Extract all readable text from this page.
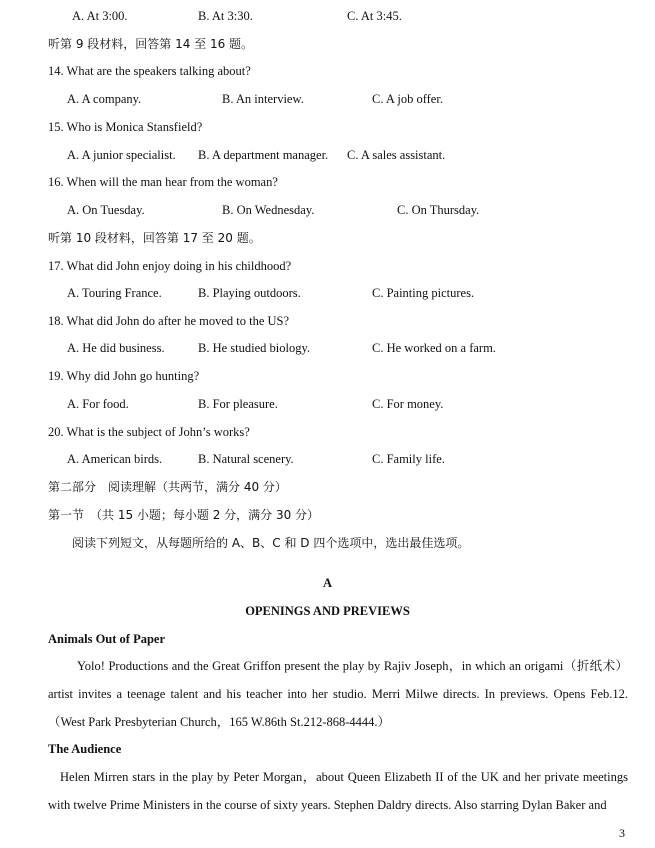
A. At 3:00.	B. At 3:30.	C. At 3:45.
听第 9 段材料，回答第 14 至 16 题。
14. What are the speakers talking about?
A. A company.	B. An interview.	C. A job offer.
15. Who is Monica Stansfield?
A. A junior specialist. B. A department manager. C. A sales assistant.
16. When will the man hear from the woman?
A. On Tuesday.	B. On Wednesday.	C. On Thursday.
听第 10 段材料，回答第 17 至 20 题。
17. What did John enjoy doing in his childhood?
A. Touring France.	B. Playing outdoors.	C. Painting pictures.
18. What did John do after he moved to the US?
A. He did business.	B. He studied biology.	C. He worked on a farm.
19. Why did John go hunting?
A. For food.	B. For pleasure.	C. For money.
20. What is the subject of John’s works?
A. American birds.	B. Natural scenery.	C. Family life.
第二部分　阅读理解（共两节，满分 40 分）
第一节　（共 15 小题；每小题 2 分，满分 30 分）
阅读下列短文，从每题所给的 A、B、C 和 D 四个选项中，选出最佳选项。
A
OPENINGS AND PREVIEWS
Animals Out of Paper

Yolo! Productions and the Great Griffon present the play by Rajiv Joseph，in which an origami（折纸术）artist invites a teenage talent and his teacher into her studio. Merri Milwe directs. In previews. Opens Feb.12.（West Park Presbyterian Church，165 W.86th St.212-868-4444.）

The Audience

Helen Mirren stars in the play by Peter Morgan，about Queen Elizabeth II of the UK and her private meetings with twelve Prime Ministers in the course of sixty years. Stephen Daldry directs. Also starring Dylan Baker and

3
